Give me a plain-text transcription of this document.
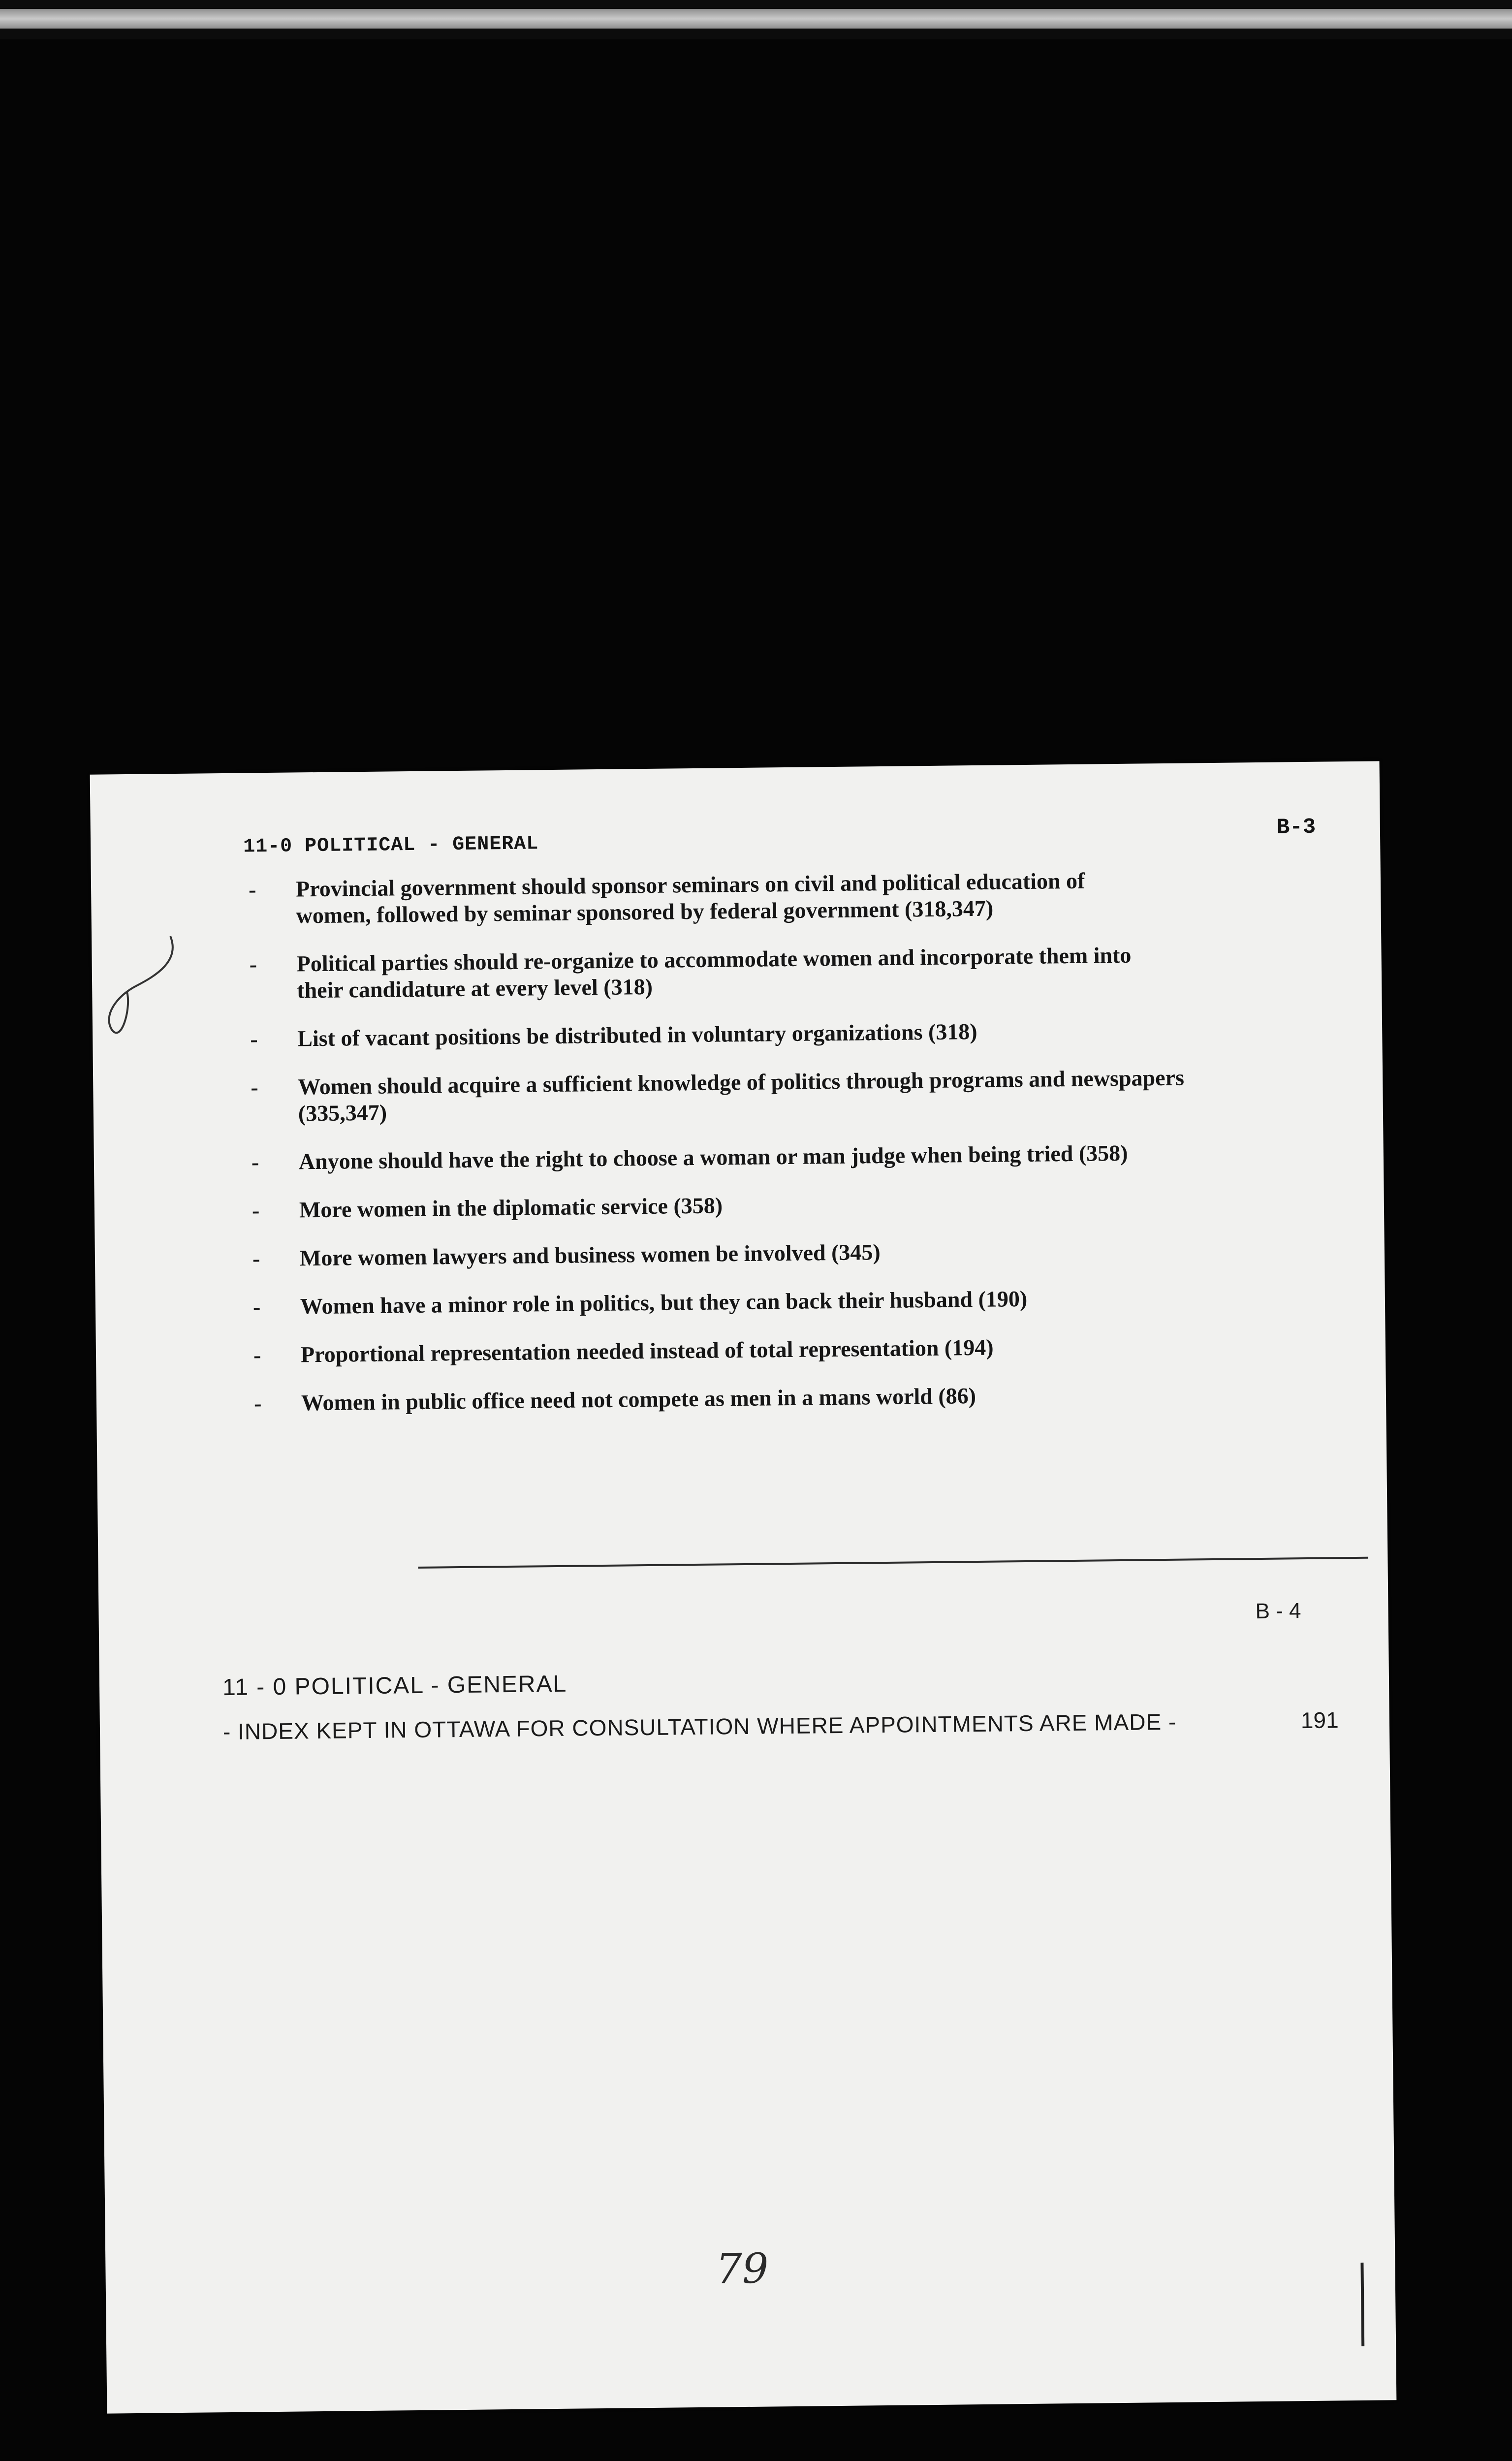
11-0 POLITICAL - GENERAL
B-3
- Provincial government should sponsor seminars on civil and political education of
women, followed by seminar sponsored by federal government (318,347)
- Political parties should re-organize to accommodate women and incorporate them into
their candidature at every level (318)
- List of vacant positions be distributed in voluntary organizations (318)
- Women should acquire a sufficient knowledge of politics through programs and newspapers
(335,347)
- Anyone should have the right to choose a woman or man judge when being tried (358)
- More women in the diplomatic service (358)
- More women lawyers and business women be involved (345)
- Women have a minor role in politics, but they can back their husband (190)
- Proportional representation needed instead of total representation (194)
- Women in public office need not compete as men in a mans world (86)
B - 4
11 - 0 POLITICAL - GENERAL
- INDEX KEPT IN OTTAWA FOR CONSULTATION WHERE APPOINTMENTS ARE MADE -	191
79
